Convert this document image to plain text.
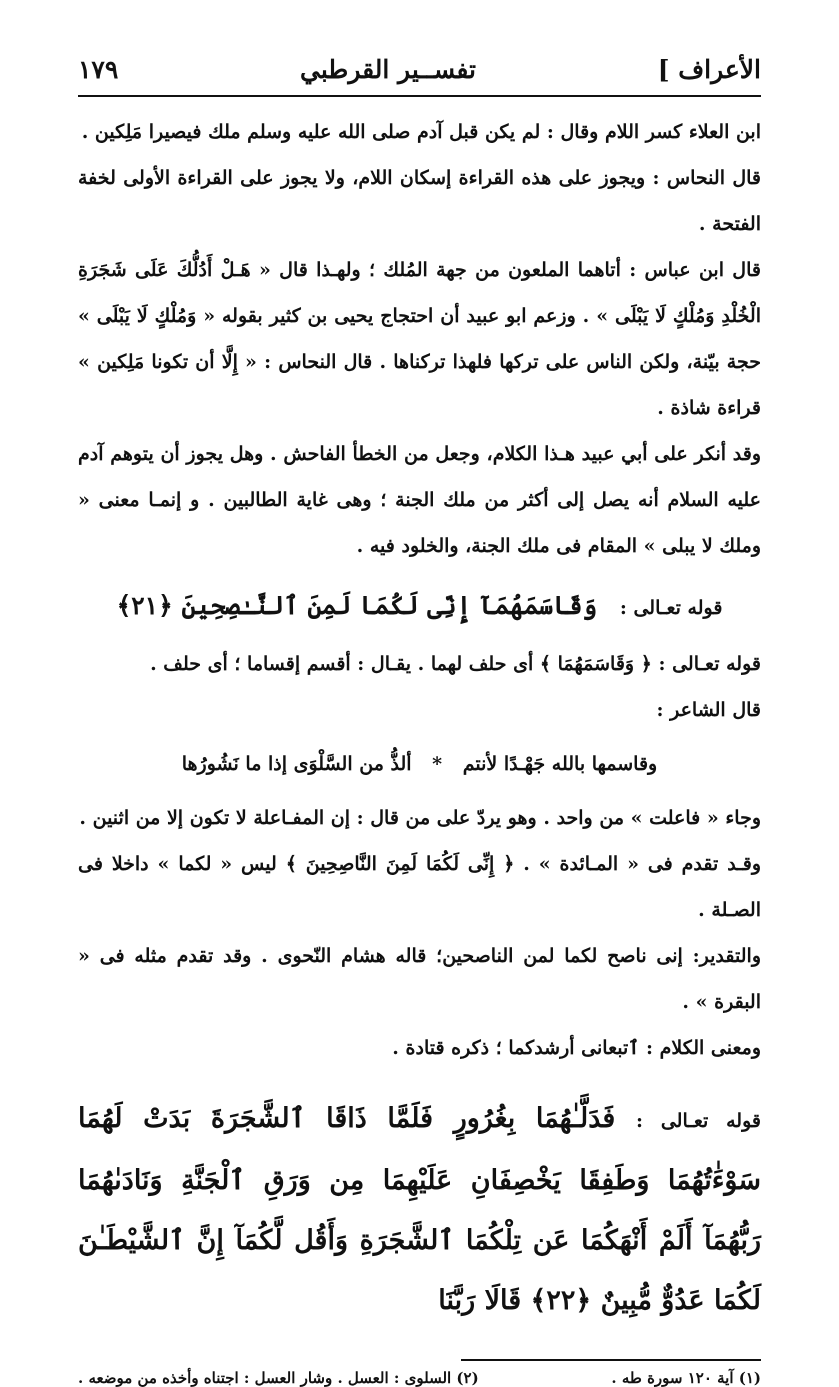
الأعراف ]
تفســير القرطبي
١٧٩

ابن العلاء كسر اللام وقال : لم يكن قبل آدم صلى الله عليه وسلم ملك فيصيرا مَلِكين .

قال النحاس : ويجوز على هذه القراءة إسكان اللام، ولا يجوز على القراءة الأولى لخفة الفتحة .

قال ابن عباس : أتاهما الملعون من جهة المُلك ؛ ولهـذا قال « هَـلْ أَدُلُّكَ عَلَى شَجَرَةِ الْخُلْدِ وَمُلْكٍ لَا يَبْلَى » . وزعم ابو عبيد أن احتجاج يحيى بن كثير بقوله « وَمُلْكٍ لَا يَبْلَى » حجة بيّنة، ولكن الناس على تركها فلهذا تركناها . قال النحاس : « إِلَّا أن تكونا مَلِكين » قراءة شاذة .

وقد أنكر على أبي عبيد هـذا الكلام، وجعل من الخطأ الفاحش . وهل يجوز أن يتوهم آدم عليه السلام أنه يصل إلى أكثر من ملك الجنة ؛ وهى غاية الطالبين . و إنمـا معنى « وملك لا يبلى » المقام فى ملك الجنة، والخلود فيه .

قوله تعـالى : وَقَاسَمَهُمَآ إِنِّى لَكُمَا لَمِنَ ٱلنَّـٰصِحِينَ ﴿٢١﴾

قوله تعـالى : ﴿ وَقَاسَمَهُمَا ﴾ أى حلف لهما . يقـال : أقسم إقساما ؛ أى حلف .

قال الشاعر :

وقاسمها بالله جَهْـدًا لأنتم * ألذُّ من السَّلْوَى إذا ما نَشُورُها

وجاء « فاعلت » من واحد . وهو يردّ على من قال : إن المفـاعلة لا تكون إلا من اثنين .

وقـد تقدم فى « المـائدة » . ﴿ إِنِّى لَكُمَا لَمِنَ النَّاصِحِينَ ﴾ ليس « لكما » داخلا فى الصـلة .

والتقدير: إنى ناصح لكما لمن الناصحين؛ قاله هشام النّحوى . وقد تقدم مثله فى « البقرة » .

ومعنى الكلام : ٱتبعانى أرشدكما ؛ ذكره قتادة .

قوله تعـالى : فَدَلَّـٰهُمَا بِغُرُورٍ فَلَمَّا ذَاقَا ٱلشَّجَرَةَ بَدَتْ لَهُمَا سَوْءَٰتُهُمَا وَطَفِقَا يَخْصِفَانِ عَلَيْهِمَا مِن وَرَقِ ٱلْجَنَّةِ وَنَادَىٰهُمَا رَبُّهُمَآ أَلَمْ أَنْهَكُمَا عَن تِلْكُمَا ٱلشَّجَرَةِ وَأَقُل لَّكُمَآ إِنَّ ٱلشَّيْطَـٰنَ لَكُمَا عَدُوٌّ مُّبِينٌ ﴿٢٢﴾ قَالَا رَبَّنَا

(١) آية ١٢٠ سورة طه .
(٢) السلوى : العسل . وشار العسل : اجتناه وأخذه من موضعه .
